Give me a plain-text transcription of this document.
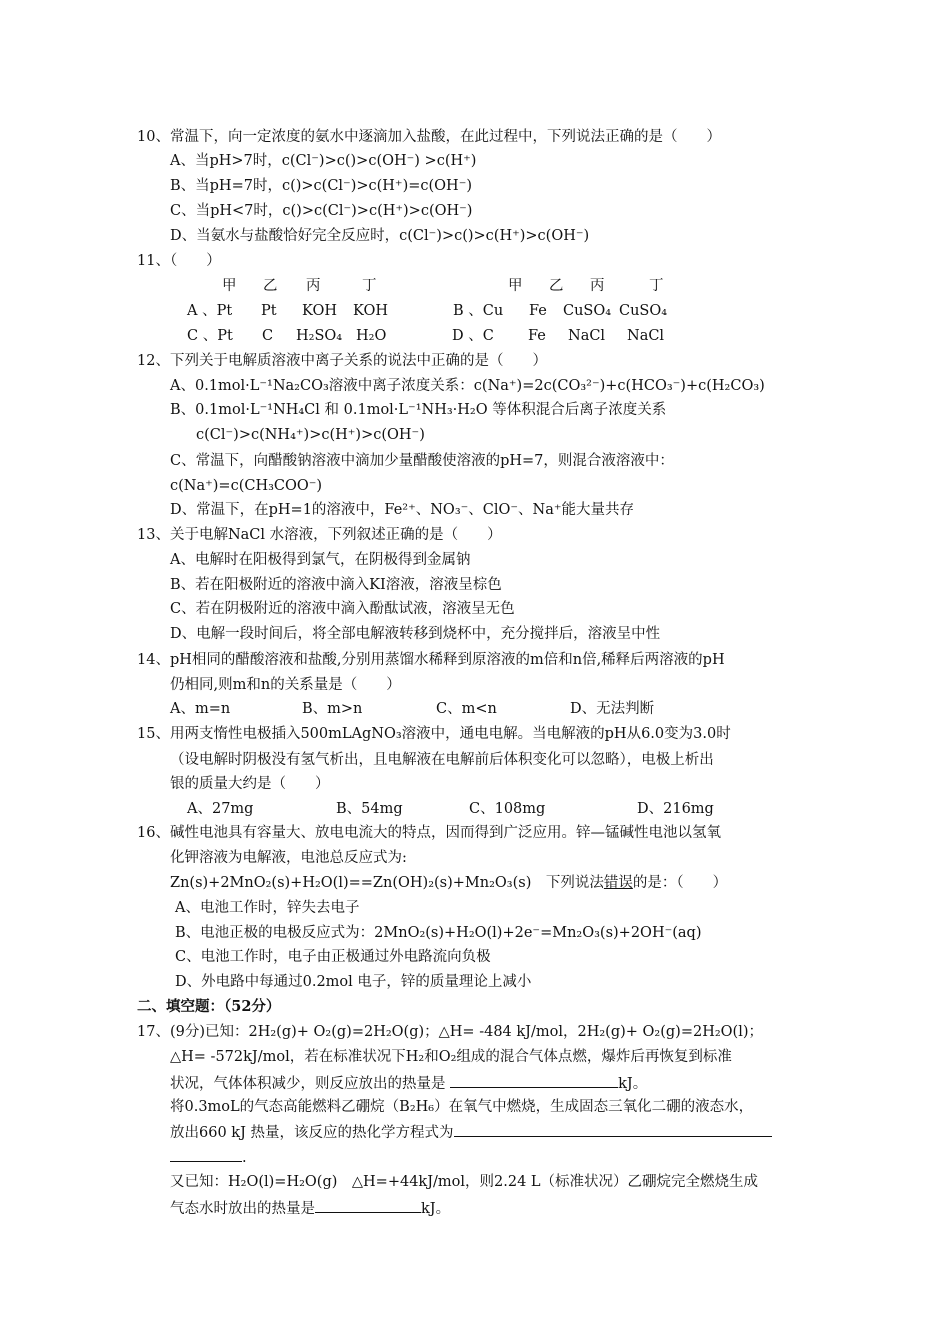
10、常温下，向一定浓度的氨水中逐滴加入盐酸，在此过程中，下列说法正确的是（　　）
A、当pH>7时，c(Cl⁻)>c()>c(OH⁻) >c(H⁺)
B、当pH=7时，c()>c(Cl⁻)>c(H⁺)=c(OH⁻)
C、当pH<7时，c()>c(Cl⁻)>c(H⁺)>c(OH⁻)
D、当氨水与盐酸恰好完全反应时，c(Cl⁻)>c()>c(H⁺)>c(OH⁻)
11、（　　）
甲 乙 丙	丁	甲 乙 丙	丁
A 、Pt Pt KOH KOH	B 、Cu Fe CuSO₄ CuSO₄
C 、Pt C H₂SO₄ H₂O	D 、C Fe NaCl NaCl
12、下列关于电解质溶液中离子关系的说法中正确的是（　　）
A、0.1mol·L⁻¹Na₂CO₃溶液中离子浓度关系：c(Na⁺)=2c(CO₃²⁻)+c(HCO₃⁻)+c(H₂CO₃)
B、0.1mol·L⁻¹NH₄Cl 和 0.1mol·L⁻¹NH₃·H₂O 等体积混合后离子浓度关系
c(Cl⁻)>c(NH₄⁺)>c(H⁺)>c(OH⁻)
C、常温下，向醋酸钠溶液中滴加少量醋酸使溶液的pH=7，则混合液溶液中：
c(Na⁺)=c(CH₃COO⁻)
D、常温下，在pH=1的溶液中，Fe²⁺、NO₃⁻、ClO⁻、Na⁺能大量共存
13、关于电解NaCl 水溶液，下列叙述正确的是（　　）
A、电解时在阳极得到氯气，在阴极得到金属钠
B、若在阳极附近的溶液中滴入KI溶液，溶液呈棕色
C、若在阴极附近的溶液中滴入酚酞试液，溶液呈无色
D、电解一段时间后，将全部电解液转移到烧杯中，充分搅拌后，溶液呈中性
14、pH相同的醋酸溶液和盐酸,分别用蒸馏水稀释到原溶液的m倍和n倍,稀释后两溶液的pH
仍相同,则m和n的关系量是（　　）
A、m=n	B、m>n	C、m<n	D、无法判断
15、用两支惰性电极插入500mLAgNO₃溶液中，通电电解。当电解液的pH从6.0变为3.0时
（设电解时阴极没有氢气析出，且电解液在电解前后体积变化可以忽略），电极上析出
银的质量大约是（　　）
A、27mg	B、54mg	C、108mg	D、216mg
16、碱性电池具有容量大、放电电流大的特点，因而得到广泛应用。锌—锰碱性电池以氢氧
化钾溶液为电解液，电池总反应式为:
Zn(s)+2MnO₂(s)+H₂O(l)==Zn(OH)₂(s)+Mn₂O₃(s)　下列说法错误的是：（　　）
A、电池工作时，锌失去电子
B、电池正极的电极反应式为：2MnO₂(s)+H₂O(l)+2e⁻=Mn₂O₃(s)+2OH⁻(aq)
C、电池工作时，电子由正极通过外电路流向负极
D、外电路中每通过0.2mol 电子，锌的质量理论上减小
二、填空题：（52分）
17、(9分)已知：2H₂(g)+ O₂(g)=2H₂O(g)；△H= -484 kJ/mol，2H₂(g)+ O₂(g)=2H₂O(l)；
△H= -572kJ/mol，若在标准状况下H₂和O₂组成的混合气体点燃，爆炸后再恢复到标准
状况，气体体积减少，则反应放出的热量是	kJ。
将0.3moL的气态高能燃料乙硼烷（B₂H₆）在氧气中燃烧，生成固态三氧化二硼的液态水，
放出660 kJ 热量，该反应的热化学方程式为
.
又已知：H₂O(l)=H₂O(g)　△H=+44kJ/mol，则2.24 L（标准状况）乙硼烷完全燃烧生成
气态水时放出的热量是	kJ。
